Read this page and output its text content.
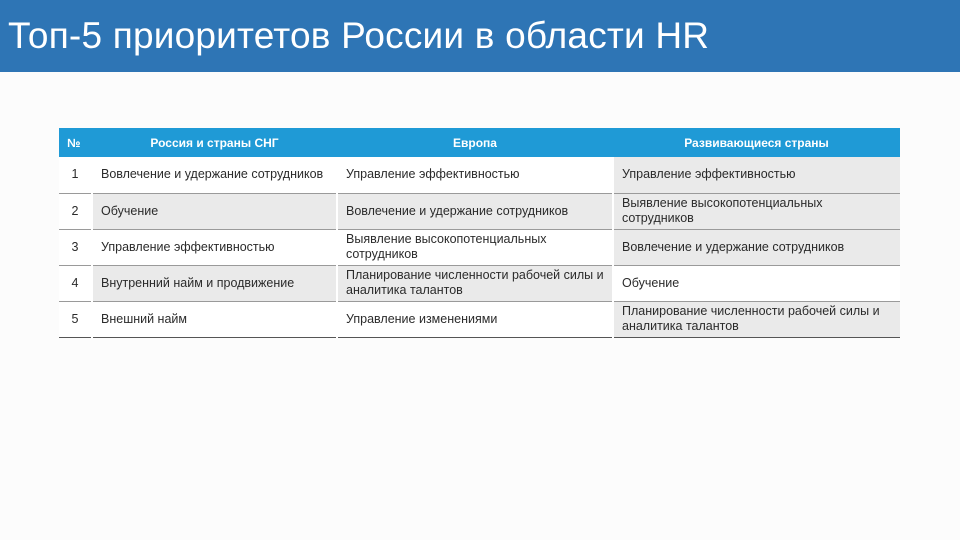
Топ-5 приоритетов России в области HR
№	Россия и страны СНГ	Европа	Развивающиеся страны
1	Вовлечение и удержание сотрудников	Управление эффективностью	Управление эффективностью
2	Обучение	Вовлечение и удержание сотрудников	Выявление высокопотенциальных сотрудников
3	Управление эффективностью	Выявление высокопотенциальных сотрудников	Вовлечение и удержание сотрудников
4	Внутренний найм и продвижение	Планирование численности рабочей силы и аналитика талантов	Обучение
5	Внешний найм	Управление изменениями	Планирование численности рабочей силы и аналитика талантов
